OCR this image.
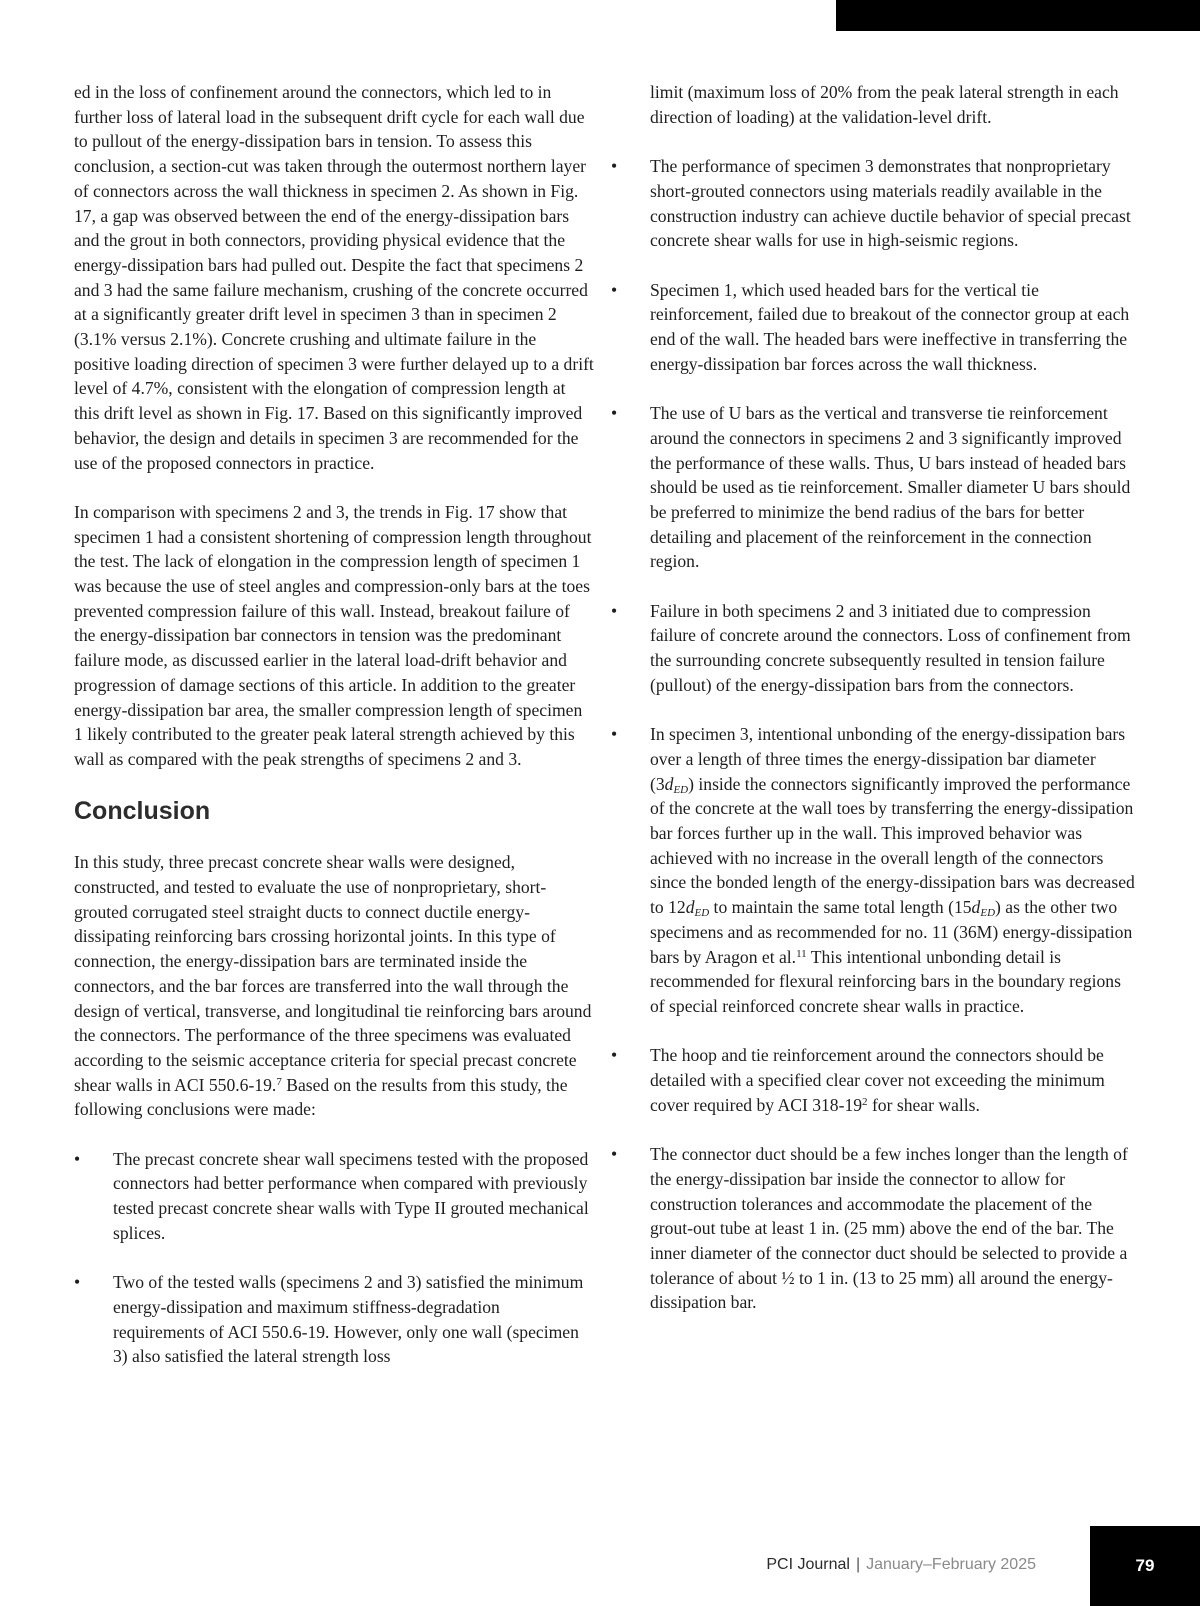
ed in the loss of confinement around the connectors, which led to in further loss of lateral load in the subsequent drift cycle for each wall due to pullout of the energy-dissipation bars in tension. To assess this conclusion, a section-cut was taken through the outermost northern layer of connectors across the wall thickness in specimen 2. As shown in Fig. 17, a gap was observed between the end of the energy-dissipation bars and the grout in both connectors, providing physical evidence that the energy-dissipation bars had pulled out. Despite the fact that specimens 2 and 3 had the same failure mechanism, crushing of the concrete occurred at a significantly greater drift level in specimen 3 than in specimen 2 (3.1% versus 2.1%). Concrete crushing and ultimate failure in the positive loading direction of specimen 3 were further delayed up to a drift level of 4.7%, consistent with the elongation of compression length at this drift level as shown in Fig. 17. Based on this significantly improved behavior, the design and details in specimen 3 are recommended for the use of the proposed connectors in practice.

In comparison with specimens 2 and 3, the trends in Fig. 17 show that specimen 1 had a consistent shortening of compression length throughout the test. The lack of elongation in the compression length of specimen 1 was because the use of steel angles and compression-only bars at the toes prevented compression failure of this wall. Instead, breakout failure of the energy-dissipation bar connectors in tension was the predominant failure mode, as discussed earlier in the lateral load-drift behavior and progression of damage sections of this article. In addition to the greater energy-dissipation bar area, the smaller compression length of specimen 1 likely contributed to the greater peak lateral strength achieved by this wall as compared with the peak strengths of specimens 2 and 3.

Conclusion

In this study, three precast concrete shear walls were designed, constructed, and tested to evaluate the use of nonproprietary, short-grouted corrugated steel straight ducts to connect ductile energy-dissipating reinforcing bars crossing horizontal joints. In this type of connection, the energy-dissipation bars are terminated inside the connectors, and the bar forces are transferred into the wall through the design of vertical, transverse, and longitudinal tie reinforcing bars around the connectors. The performance of the three specimens was evaluated according to the seismic acceptance criteria for special precast concrete shear walls in ACI 550.6-19.$^7$ Based on the results from this study, the following conclusions were made:

• The precast concrete shear wall specimens tested with the proposed connectors had better performance when compared with previously tested precast concrete shear walls with Type II grouted mechanical splices.
• Two of the tested walls (specimens 2 and 3) satisfied the minimum energy-dissipation and maximum stiffness-degradation requirements of ACI 550.6-19. However, only one wall (specimen 3) also satisfied the lateral strength loss
limit (maximum loss of 20% from the peak lateral strength in each direction of loading) at the validation-level drift.
• The performance of specimen 3 demonstrates that nonproprietary short-grouted connectors using materials readily available in the construction industry can achieve ductile behavior of special precast concrete shear walls for use in high-seismic regions.
• Specimen 1, which used headed bars for the vertical tie reinforcement, failed due to breakout of the connector group at each end of the wall. The headed bars were ineffective in transferring the energy-dissipation bar forces across the wall thickness.
• The use of U bars as the vertical and transverse tie reinforcement around the connectors in specimens 2 and 3 significantly improved the performance of these walls. Thus, U bars instead of headed bars should be used as tie reinforcement. Smaller diameter U bars should be preferred to minimize the bend radius of the bars for better detailing and placement of the reinforcement in the connection region.
• Failure in both specimens 2 and 3 initiated due to compression failure of concrete around the connectors. Loss of confinement from the surrounding concrete subsequently resulted in tension failure (pullout) of the energy-dissipation bars from the connectors.
• In specimen 3, intentional unbonding of the energy-dissipation bars over a length of three times the energy-dissipation bar diameter $(3d_{ED})$ inside the connectors significantly improved the performance of the concrete at the wall toes by transferring the energy-dissipation bar forces further up in the wall. This improved behavior was achieved with no increase in the overall length of the connectors since the bonded length of the energy-dissipation bars was decreased to $12d_{ED}$ to maintain the same total length $(15d_{ED})$ as the other two specimens and as recommended for no. 11 (36M) energy-dissipation bars by Aragon et al.$^{11}$ This intentional unbonding detail is recommended for flexural reinforcing bars in the boundary regions of special reinforced concrete shear walls in practice.
• The hoop and tie reinforcement around the connectors should be detailed with a specified clear cover not exceeding the minimum cover required by ACI 318-19$^2$ for shear walls.
• The connector duct should be a few inches longer than the length of the energy-dissipation bar inside the connector to allow for construction tolerances and accommodate the placement of the grout-out tube at least 1 in. (25 mm) above the end of the bar. The inner diameter of the connector duct should be selected to provide a tolerance of about ½ to 1 in. (13 to 25 mm) all around the energy-dissipation bar.
PCI Journal | January–February 2025	79
